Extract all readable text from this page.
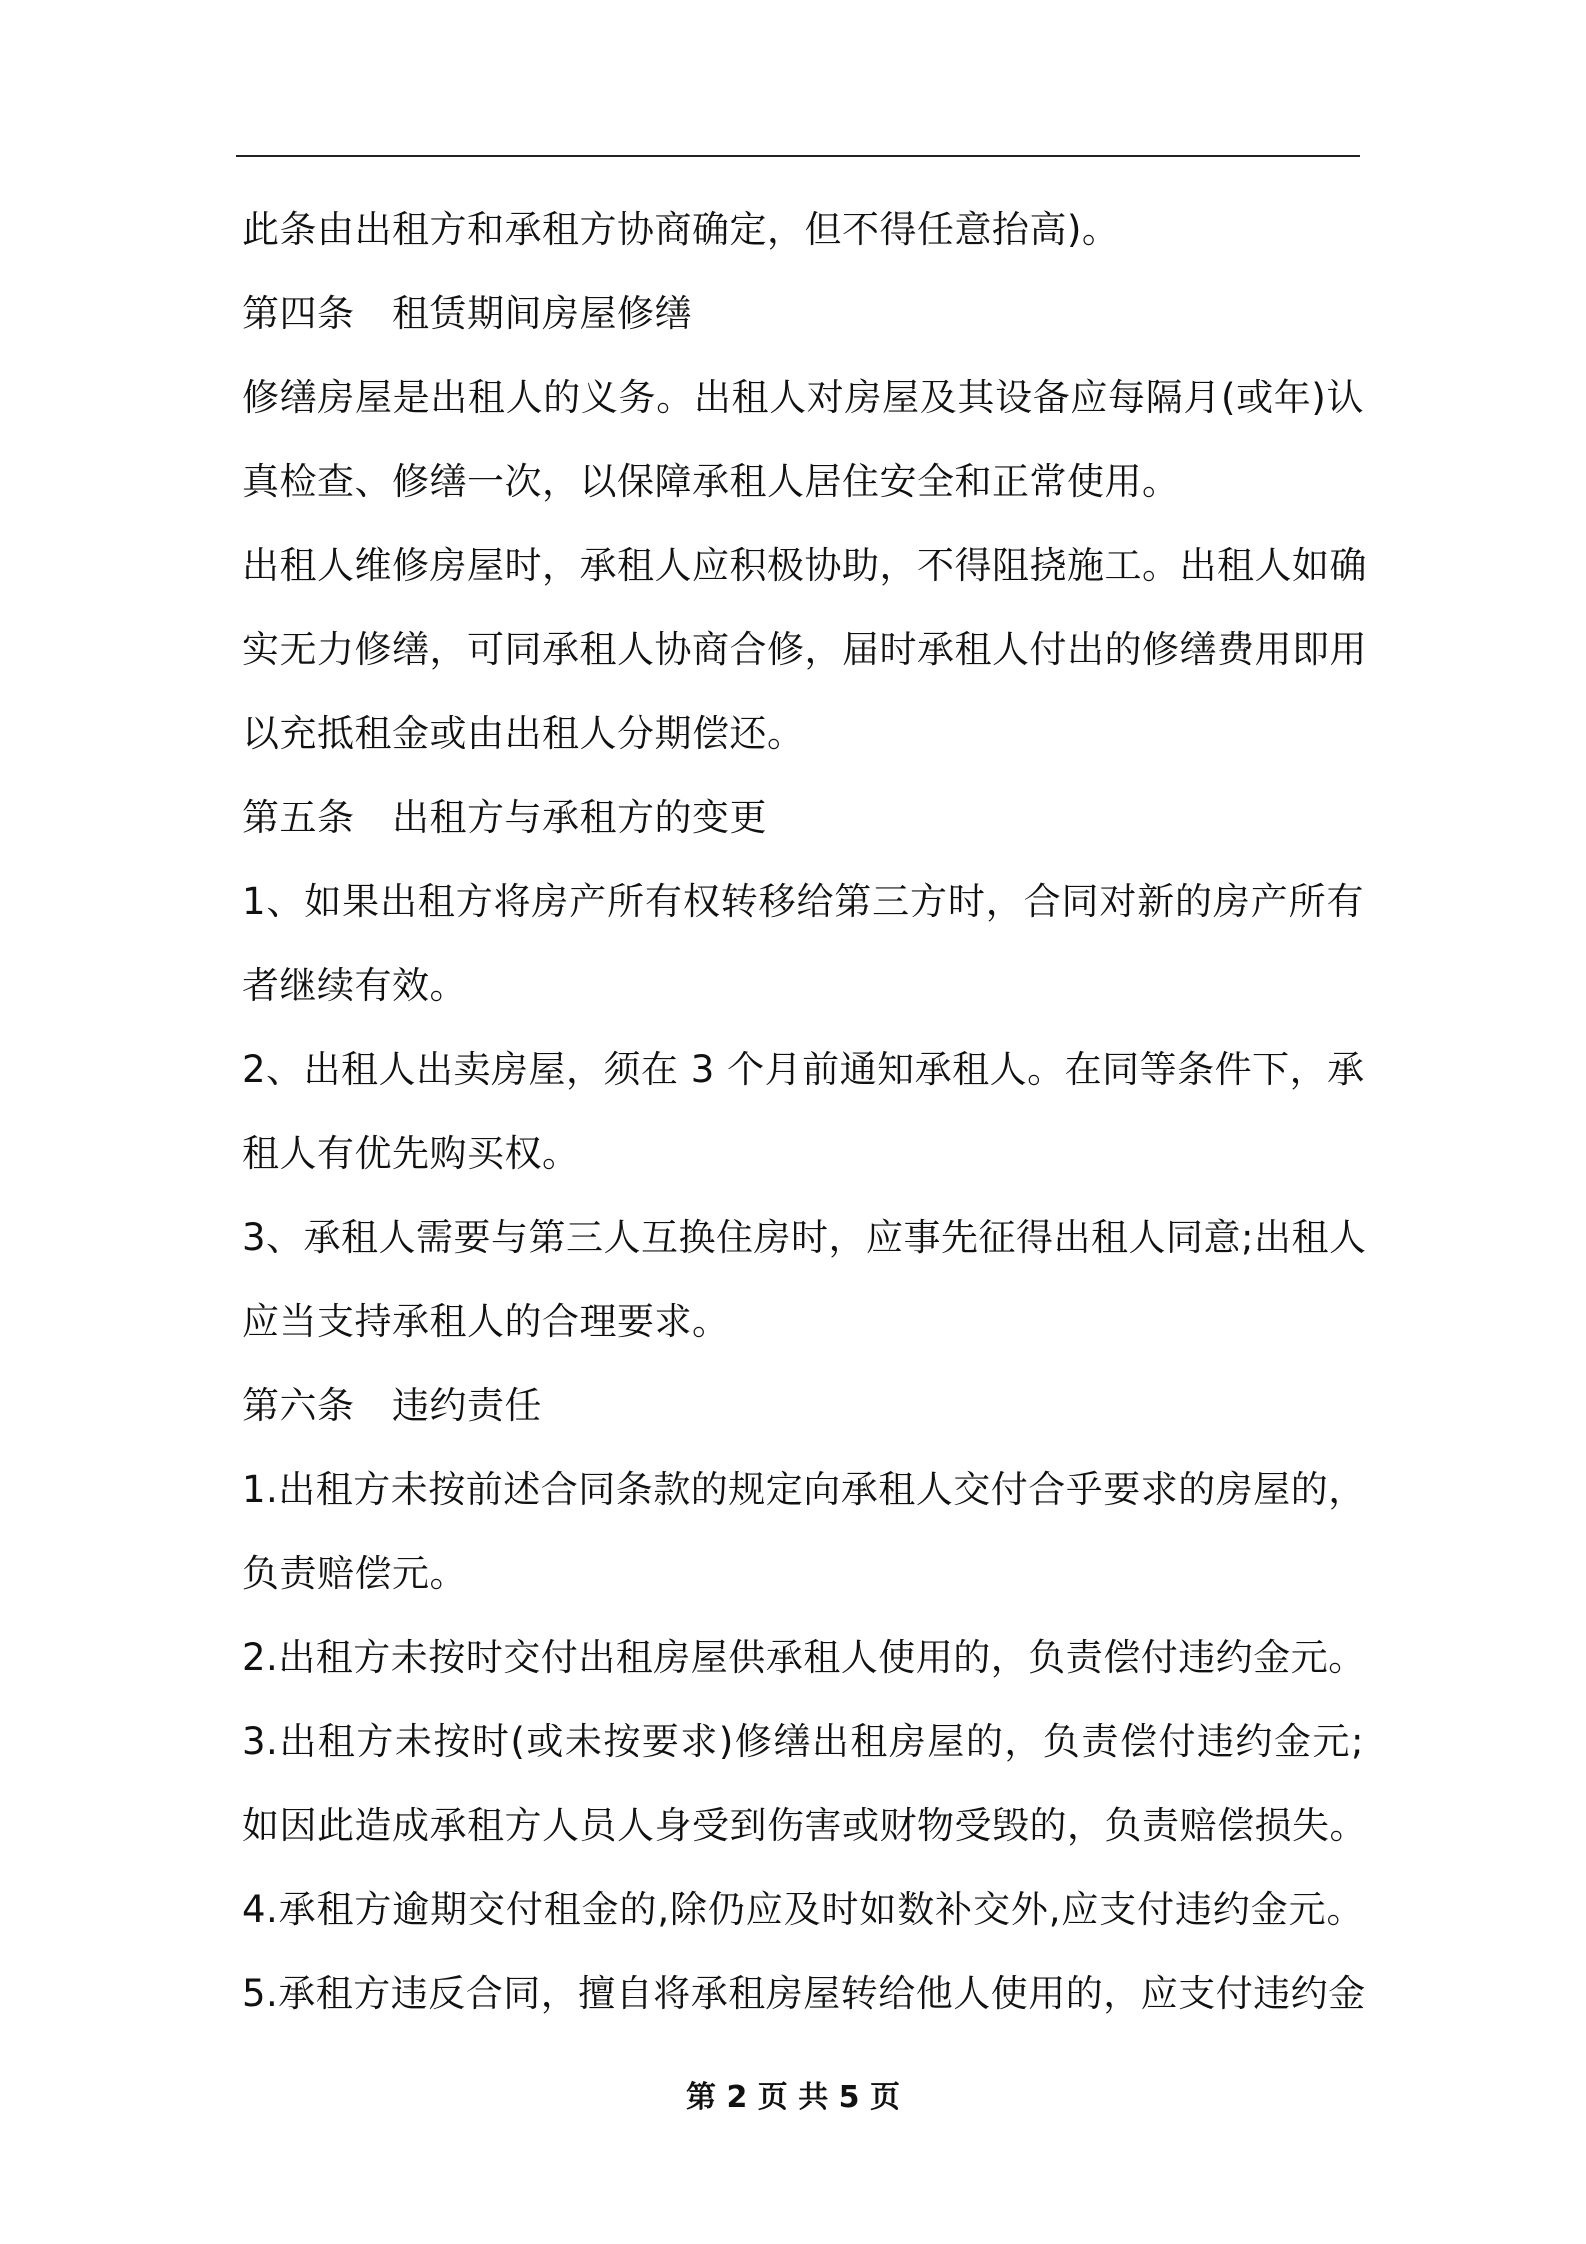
此条由出租方和承租方协商确定，但不得任意抬高)。
第四条　租赁期间房屋修缮
修缮房屋是出租人的义务。出租人对房屋及其设备应每隔月(或年)认
真检查、修缮一次，以保障承租人居住安全和正常使用。
出租人维修房屋时，承租人应积极协助，不得阻挠施工。出租人如确
实无力修缮，可同承租人协商合修，届时承租人付出的修缮费用即用
以充抵租金或由出租人分期偿还。
第五条　出租方与承租方的变更
1、如果出租方将房产所有权转移给第三方时，合同对新的房产所有
者继续有效。
2、出租人出卖房屋，须在 3 个月前通知承租人。在同等条件下，承
租人有优先购买权。
3、承租人需要与第三人互换住房时，应事先征得出租人同意;出租人
应当支持承租人的合理要求。
第六条　违约责任
1.出租方未按前述合同条款的规定向承租人交付合乎要求的房屋的，
负责赔偿元。
2.出租方未按时交付出租房屋供承租人使用的，负责偿付违约金元。
3.出租方未按时(或未按要求)修缮出租房屋的，负责偿付违约金元;
如因此造成承租方人员人身受到伤害或财物受毁的，负责赔偿损失。
4.承租方逾期交付租金的,除仍应及时如数补交外,应支付违约金元。
5.承租方违反合同，擅自将承租房屋转给他人使用的，应支付违约金
第 2 页 共 5 页
